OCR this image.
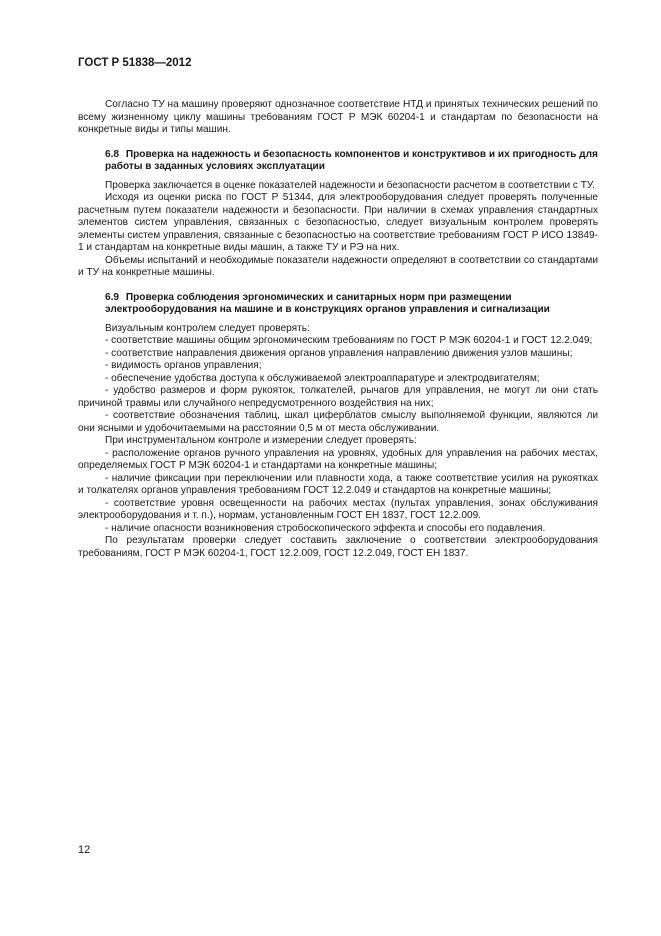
ГОСТ Р 51838—2012

Согласно ТУ на машину проверяют однозначное соответствие НТД и принятых технических решений по всему жизненному циклу машины требованиям ГОСТ Р МЭК 60204-1 и стандартам по безопасности на конкретные виды и типы машин.

6.8 Проверка на надежность и безопасность компонентов и конструктивов и их пригодность для работы в заданных условиях эксплуатации

Проверка заключается в оценке показателей надежности и безопасности расчетом в соответствии с ТУ.

Исходя из оценки риска по ГОСТ Р 51344, для электрооборудования следует проверять полученные расчетным путем показатели надежности и безопасности. При наличии в схемах управления стандартных элементов систем управления, связанных с безопасностью, следует визуальным контролем проверять элементы систем управления, связанные с безопасностью на соответствие требованиям ГОСТ Р ИСО 13849-1 и стандартам на конкретные виды машин, а также ТУ и РЭ на них.

Объемы испытаний и необходимые показатели надежности определяют в соответствии со стандартами и ТУ на конкретные машины.

6.9 Проверка соблюдения эргономических и санитарных норм при размещении электрооборудования на машине и в конструкциях органов управления и сигнализации

Визуальным контролем следует проверять:

- соответствие машины общим эргономическим требованиям по ГОСТ Р МЭК 60204-1 и ГОСТ 12.2.049;

- соответствие направления движения органов управления направлению движения узлов машины;

- видимость органов управления;

- обеспечение удобства доступа к обслуживаемой электроаппаратуре и электродвигателям;

- удобство размеров и форм рукояток, толкателей, рычагов для управления, не могут ли они стать причиной травмы или случайного непредусмотренного воздействия на них;

- соответствие обозначения таблиц, шкал циферблатов смыслу выполняемой функции, являются ли они ясными и удобочитаемыми на расстоянии 0,5 м от места обслуживании.

При инструментальном контроле и измерении следует проверять:

- расположение органов ручного управления на уровнях, удобных для управления на рабочих местах, определяемых ГОСТ Р МЭК 60204-1 и стандартами на конкретные машины;

- наличие фиксации при переключении или плавности хода, а также соответствие усилия на рукоятках и толкателях органов управления требованиям ГОСТ 12.2.049 и стандартов на конкретные машины;

- соответствие уровня освещенности на рабочих местах (пультах управления, зонах обслуживания электрооборудования и т. п.), нормам, установленным ГОСТ ЕН 1837, ГОСТ 12.2.009.

- наличие опасности возникновения стробоскопического эффекта и способы его подавления.

По результатам проверки следует составить заключение о соответствии электрооборудования требованиям, ГОСТ Р МЭК 60204-1, ГОСТ 12.2.009, ГОСТ 12.2.049, ГОСТ ЕН 1837.

12
